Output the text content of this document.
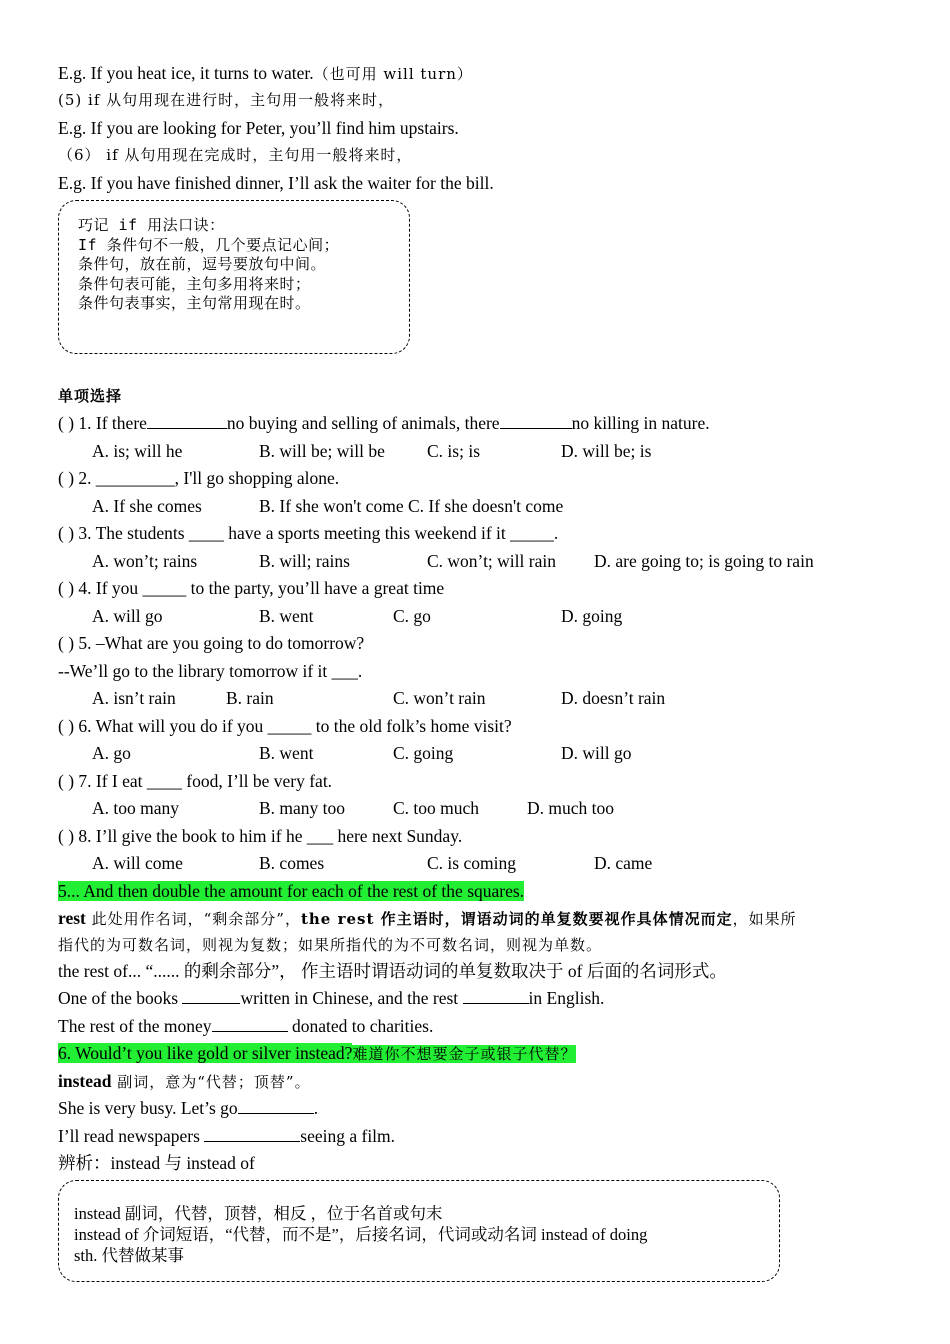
E.g. If you heat ice, it turns to water.（也可用 will turn）
(5) if 从句用现在进行时，主句用一般将来时，
E.g. If you are looking for Peter, you’ll find him upstairs.
（6） if 从句用现在完成时，主句用一般将来时，
E.g. If you have finished dinner, I’ll ask the waiter for the bill.
巧记 if 用法口诀：
If 条件句不一般，几个要点记心间；
条件句，放在前，逗号要放句中间。
条件句表可能，主句多用将来时；
条件句表事实，主句常用现在时。
单项选择
( ) 1. If there	no buying and selling of animals, there	no killing in nature.
A. is; will he	B. will be; will be C. is; is	D. will be; is
( ) 2. _________, I'll go shopping alone.
A. If she comes	B. If she won't come C. If she doesn't come
( ) 3. The students ____ have a sports meeting this weekend if it _____.
A. won’t; rains	B. will; rains	C. won’t; will rain D. are going to; is going to rain
( ) 4. If you _____ to the party, you’ll have a great time
A. will go	B. went	C. go	D. going
( ) 5. –What are you going to do tomorrow?
--We’ll go to the library tomorrow if it ___.
A. isn’t rain	B. rain	C. won’t rain	D. doesn’t rain
( ) 6. What will you do if you _____ to the old folk’s home visit?
A. go	B. went	C. going	D. will go
( ) 7. If I eat ____ food, I’ll be very fat.
A. too many	B. many too	C. too much	D. much too
( ) 8. I’ll give the book to him if he ___ here next Sunday.
A. will come	B. comes	C. is coming	D. came
5... And then double the amount for each of the rest of the squares.
rest 此处用作名词，“剩余部分”，the rest 作主语时，谓语动词的单复数要视作具体情况而定，如果所
指代的为可数名词，则视为复数；如果所指代的为不可数名词，则视为单数。
the rest of... “...... 的剩余部分”， 作主语时谓语动词的单复数取决于 of 后面的名词形式。
One of the books	written in Chinese, and the rest	in English.
The rest of the money	donated to charities.
6. Would’t you like gold or silver instead?难道你不想要金子或银子代替？
instead 副词，意为“代替；顶替”。
She is very busy. Let’s go	.
I’ll read newspapers	seeing a film.
辨析：instead 与 instead of
instead 副词，代替，顶替，相反 ，位于名首或句末
instead of 介词短语，“代替，而不是”，后接名词，代词或动名词 instead of doing
sth. 代替做某事
